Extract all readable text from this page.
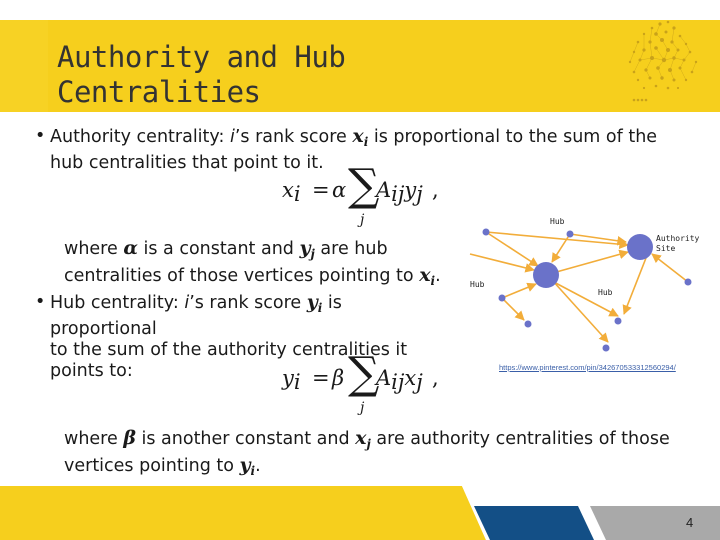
Authority and Hub
Centralities
• Authority centrality: i’s rank score $x_i$ is proportional to the sum of the
hub centralities that point to it.
xi = α ∑
j
Aijyj ,
where α is a constant and $y_j$ are hub
centralities of those vertices pointing to $x_i$.
• Hub centrality: i’s rank score $y_i$ is proportional
to the sum of the authority centralities it
points to:	yi = β ∑
j
Aijxj ,
where β is another constant and $x_j$ are authority centralities of those
vertices pointing to $y_i$.
Hub
Authority
Site
Hub
Hub
https://www.pinterest.com/pin/342670533312560294/
4
